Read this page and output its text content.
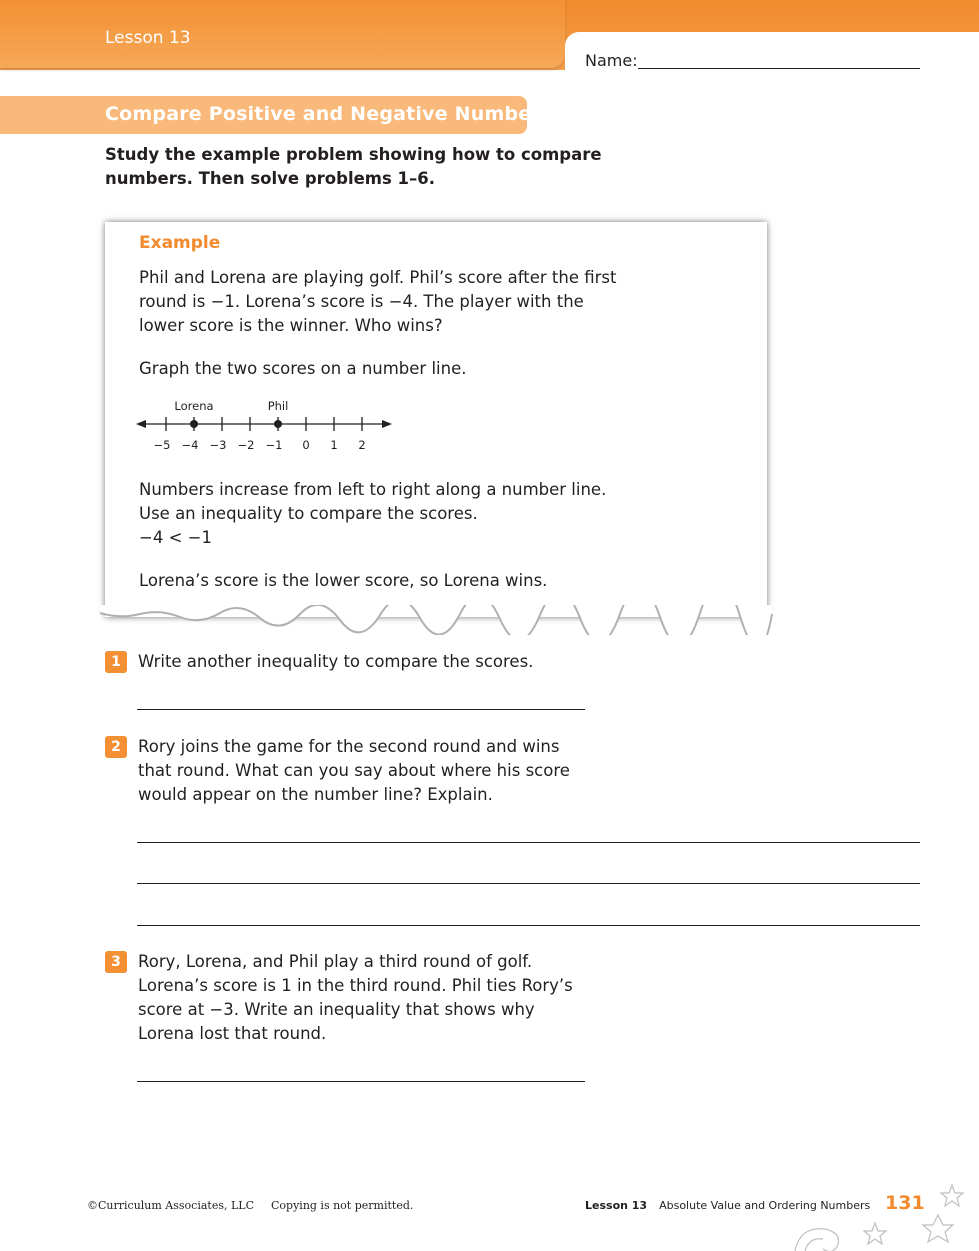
Lesson 13
Name:
Compare Positive and Negative Numbers
Study the example problem showing how to compare
numbers. Then solve problems 1–6.
Example
Phil and Lorena are playing golf. Phil’s score after the first
round is −1. Lorena’s score is −4. The player with the
lower score is the winner. Who wins?
Graph the two scores on a number line.
−5 −4 −3 −2 −1 0 1 2
Lorena	Phil
Numbers increase from left to right along a number line.
Use an inequality to compare the scores.
−4 < −1
Lorena’s score is the lower score, so Lorena wins.
1	Write another inequality to compare the scores.
2	Rory joins the game for the second round and wins
that round. What can you say about where his score
would appear on the number line? Explain.
3	Rory, Lorena, and Phil play a third round of golf.
Lorena’s score is 1 in the third round. Phil ties Rory’s
score at −3. Write an inequality that shows why
Lorena lost that round.
©Curriculum Associates, LLC Copying is not permitted.	Lesson 13 Absolute Value and Ordering Numbers 131
